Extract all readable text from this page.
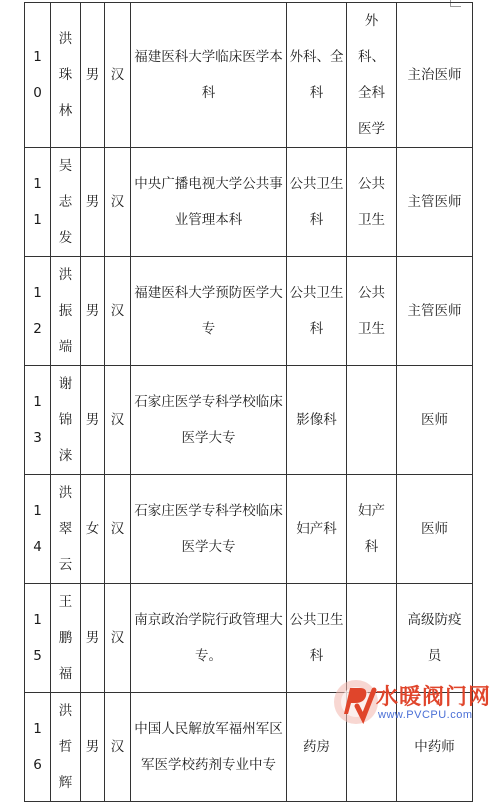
10	洪珠林	男	汉	福建医科大学临床医学本科	外科、全科	外科、全科医学	主治医师

11	吴志发	男	汉	中央广播电视大学公共事业管理本科	公共卫生科	公共卫生	主管医师

12	洪振端	男	汉	福建医科大学预防医学大专	公共卫生科	公共卫生	主管医师

13	谢锦涞	男	汉	石家庄医学专科学校临床医学大专	影像科		医师

14	洪翠云	女	汉	石家庄医学专科学校临床医学大专	妇产科	妇产科	医师

15	王鹏福	男	汉	南京政治学院行政管理大专。	公共卫生科		高级防疫员

16	洪哲辉	男	汉	中国人民解放军福州军区军医学校药剂专业中专	药房		中药师
水暖阀门网
www.PVCPU.com
